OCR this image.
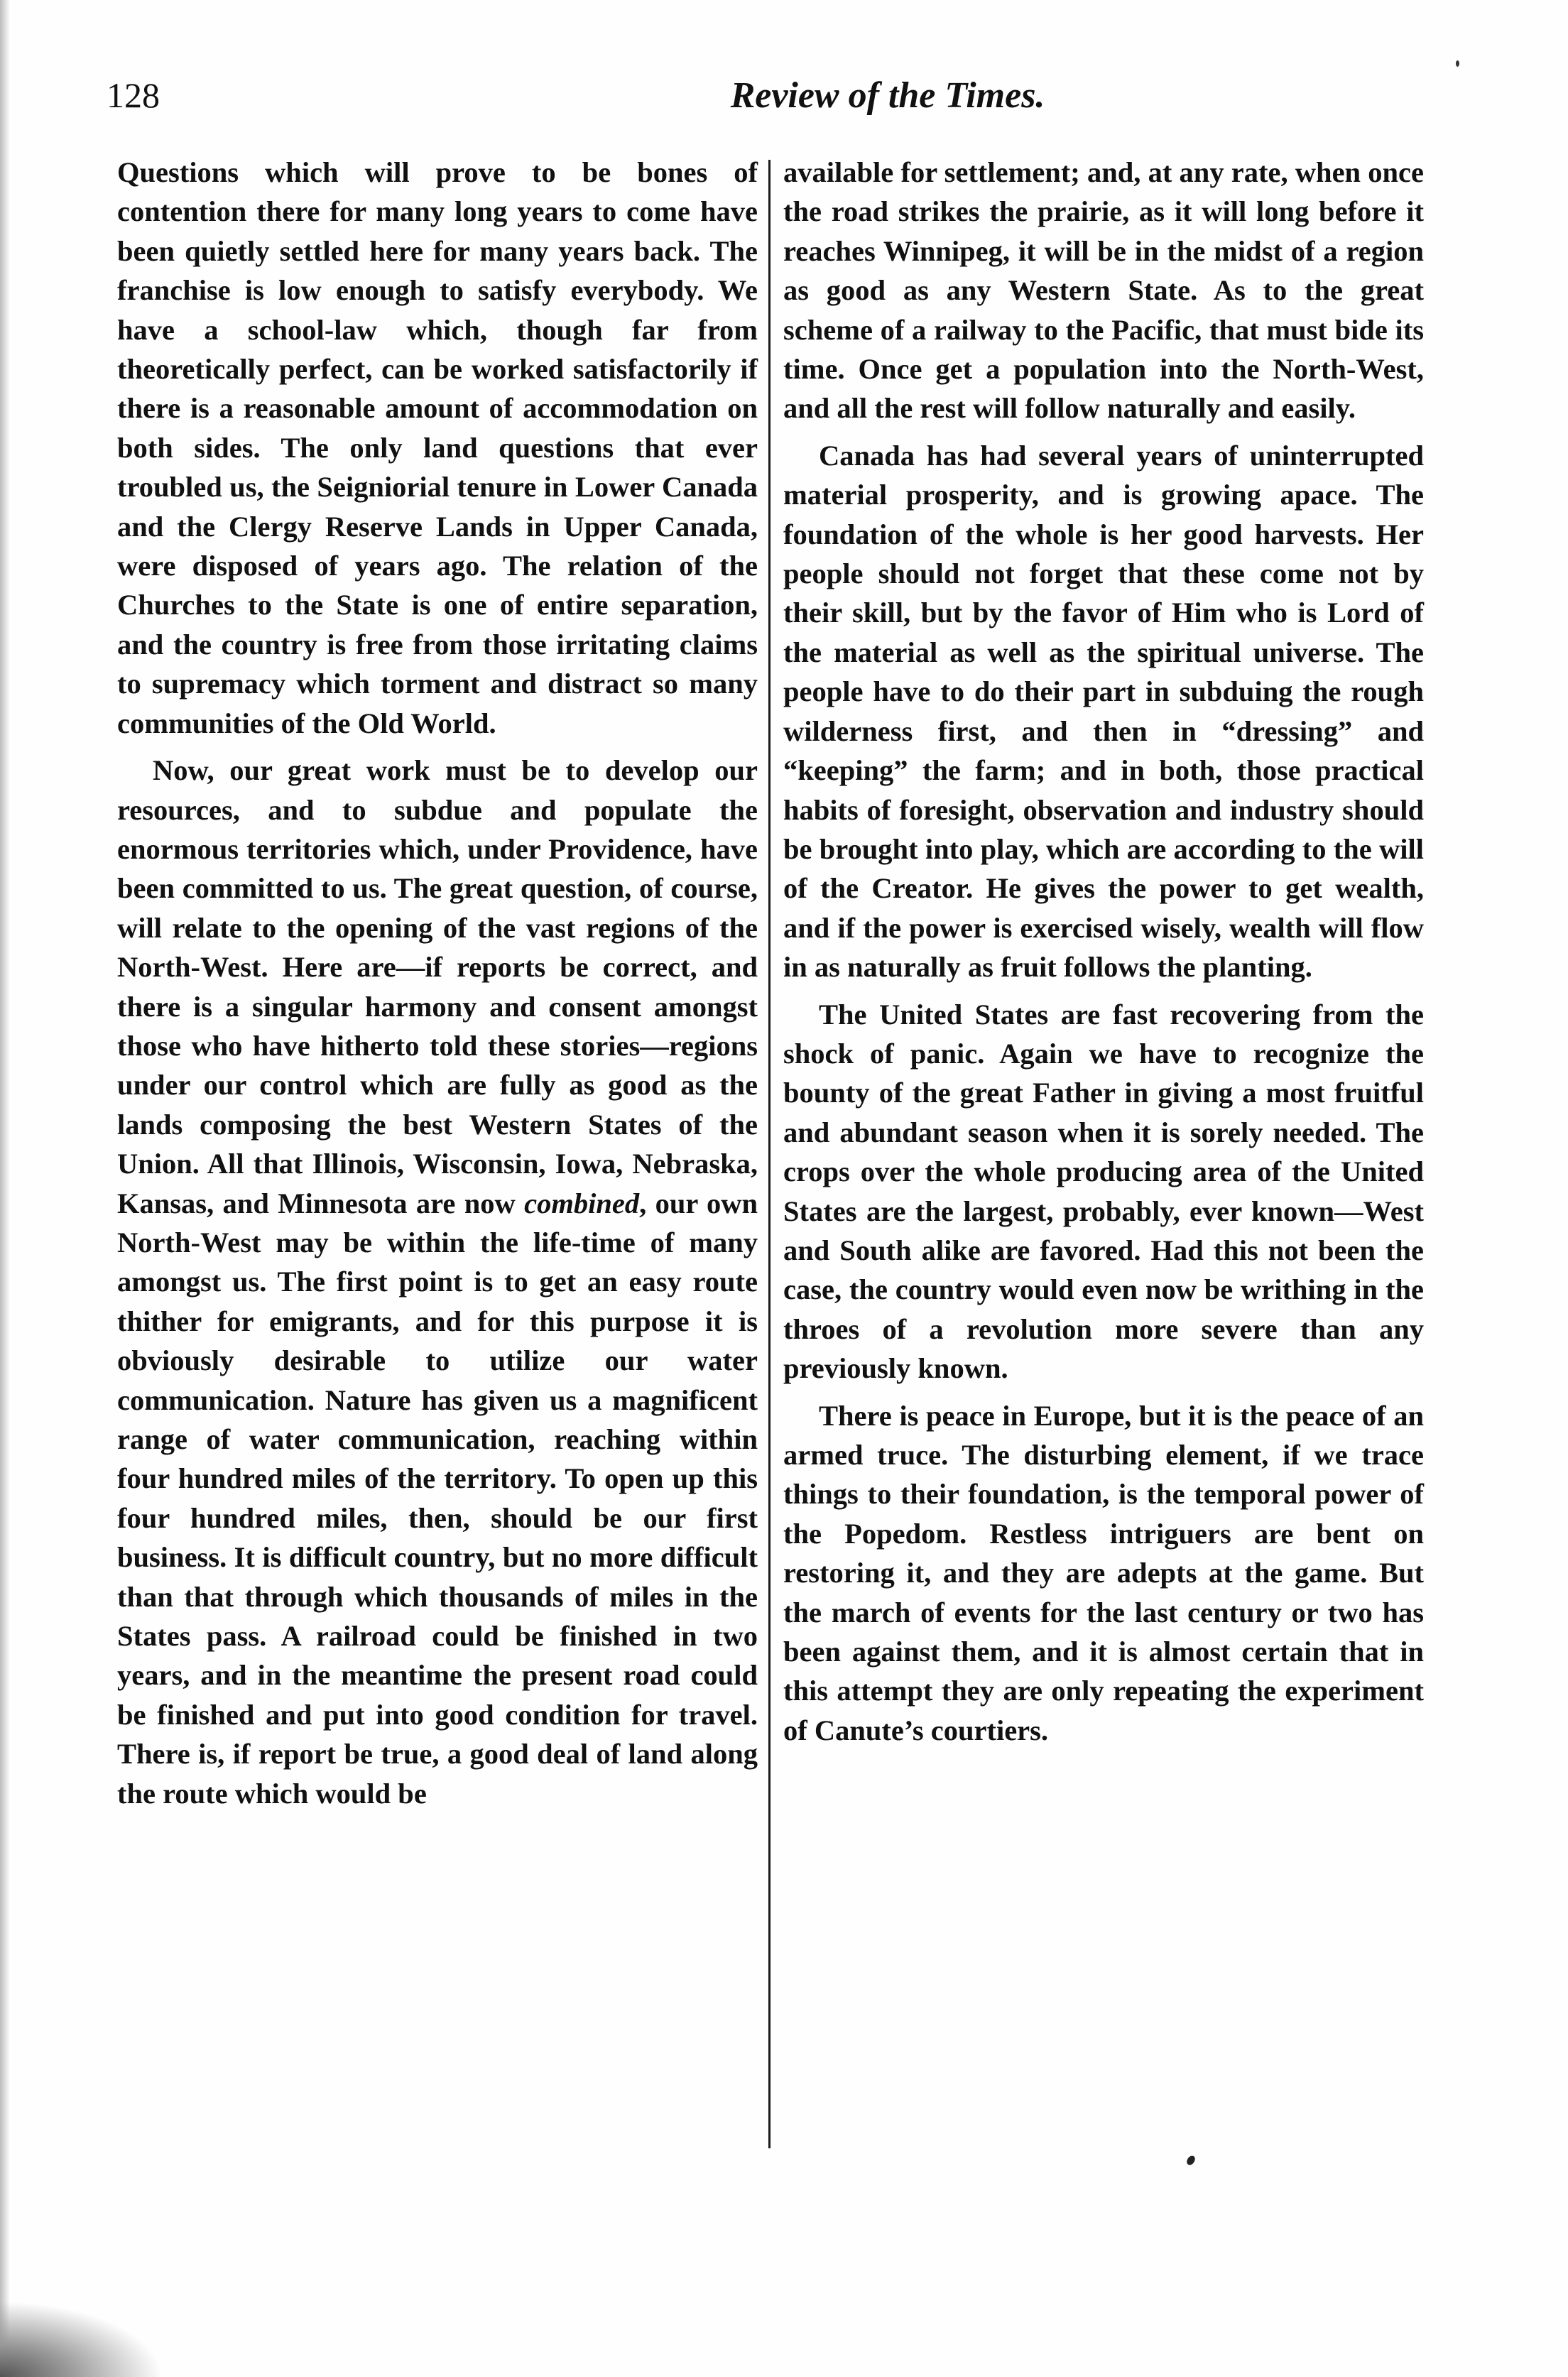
128	Review of the Times.

Questions which will prove to be bones of contention there for many long years to come have been quietly settled here for many years back. The franchise is low enough to satisfy everybody. We have a school-law which, though far from theoretically perfect, can be worked satisfactorily if there is a reasonable amount of accommodation on both sides. The only land questions that ever troubled us, the Seigniorial tenure in Lower Canada and the Clergy Reserve Lands in Upper Canada, were disposed of years ago. The relation of the Churches to the State is one of entire separation, and the country is free from those irritating claims to supremacy which torment and distract so many communities of the Old World.

Now, our great work must be to develop our resources, and to subdue and populate the enormous territories which, under Providence, have been committed to us. The great question, of course, will relate to the opening of the vast regions of the North-West. Here are—if reports be correct, and there is a singular harmony and consent amongst those who have hitherto told these stories—regions under our control which are fully as good as the lands composing the best Western States of the Union. All that Illinois, Wisconsin, Iowa, Nebraska, Kansas, and Minnesota are now combined, our own North-West may be within the life-time of many amongst us. The first point is to get an easy route thither for emigrants, and for this purpose it is obviously desirable to utilize our water communication. Nature has given us a magnificent range of water communication, reaching within four hundred miles of the territory. To open up this four hundred miles, then, should be our first business. It is difficult country, but no more difficult than that through which thousands of miles in the States pass. A railroad could be finished in two years, and in the meantime the present road could be finished and put into good condition for travel. There is, if report be true, a good deal of land along the route which would be

available for settlement; and, at any rate, when once the road strikes the prairie, as it will long before it reaches Winnipeg, it will be in the midst of a region as good as any Western State. As to the great scheme of a railway to the Pacific, that must bide its time. Once get a population into the North-West, and all the rest will follow naturally and easily.

Canada has had several years of uninterrupted material prosperity, and is growing apace. The foundation of the whole is her good harvests. Her people should not forget that these come not by their skill, but by the favor of Him who is Lord of the material as well as the spiritual universe. The people have to do their part in subduing the rough wilderness first, and then in “dressing” and “keeping” the farm; and in both, those practical habits of foresight, observation and industry should be brought into play, which are according to the will of the Creator. He gives the power to get wealth, and if the power is exercised wisely, wealth will flow in as naturally as fruit follows the planting.

The United States are fast recovering from the shock of panic. Again we have to recognize the bounty of the great Father in giving a most fruitful and abundant season when it is sorely needed. The crops over the whole producing area of the United States are the largest, probably, ever known—West and South alike are favored. Had this not been the case, the country would even now be writhing in the throes of a revolution more severe than any previously known.

There is peace in Europe, but it is the peace of an armed truce. The disturbing element, if we trace things to their foundation, is the temporal power of the Popedom. Restless intriguers are bent on restoring it, and they are adepts at the game. But the march of events for the last century or two has been against them, and it is almost certain that in this attempt they are only repeating the experiment of Canute’s courtiers.
